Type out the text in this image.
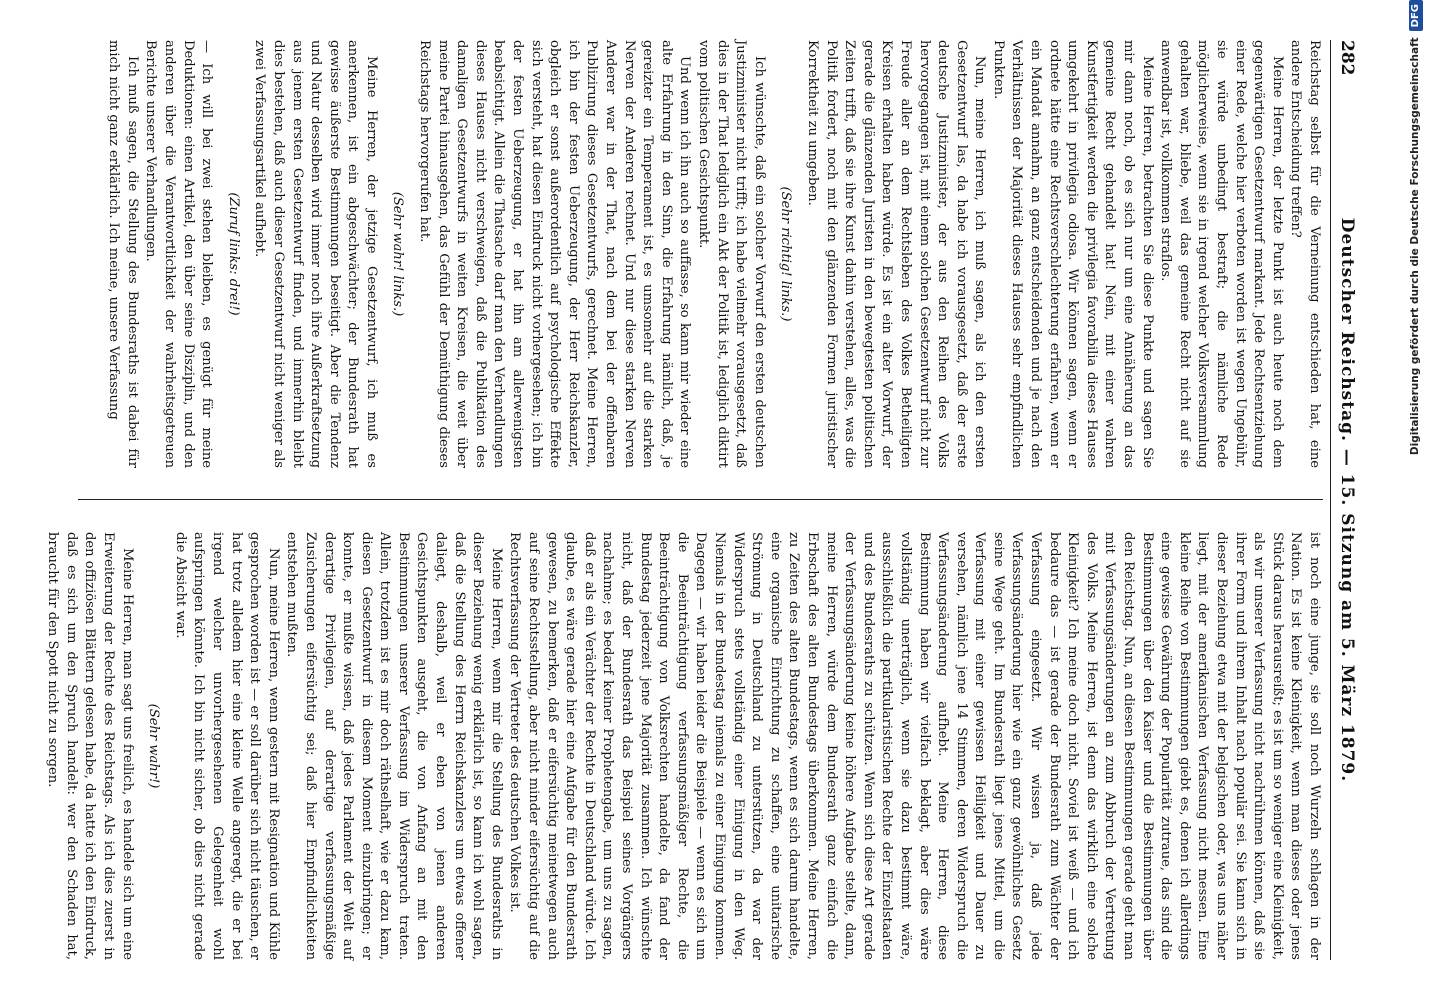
282
Deutscher Reichstag. — 15. Sitzung am 5. März 1879.

Reichstag selbst für die Verneinung entschieden hat, eine andere Entscheidung treffen?

Meine Herren, der letzte Punkt ist auch heute noch dem gegenwärtigen Gesetzentwurf markant. Jede Rechtsentziehung einer Rede, welche hier verboten worden ist wegen Ungebühr, sie würde unbedingt bestraft; die nämliche Rede möglicherweise, wenn sie in irgend welcher Volksversammlung gehalten war, bliebe, weil das gemeine Recht nicht auf sie anwendbar ist, vollkommen straflos.

Meine Herren, betrachten Sie diese Punkte und sagen Sie mir dann noch, ob es sich nur um eine Annäherung an das gemeine Recht gehandelt hat! Nein, mit einer wahren Kunstfertigkeit werden die privilegia favorabilia dieses Hauses umgekehrt in privilegia odiosa. Wir können sagen, wenn er ordnete hätte eine Rechtsverschlechterung erfahren, wenn er ein Mandat annahm, an ganz entscheidenden und je nach den Verhältnissen der Majorität dieses Hauses sehr empfindlichen Punkten.

Nun, meine Herren, ich muß sagen, als ich den ersten Gesetzentwurf las, da habe ich vorausgesetzt, daß der erste deutsche Justizminister, der aus den Reihen des Volks hervorgegangen ist, mit einem solchen Gesetzentwurf nicht zur Freude aller an dem Rechtsleben des Volkes Betheiligten Kreisen erhalten haben würde. Es ist ein alter Vorwurf, der gerade die glänzenden Juristen in den bewegtesten politischen Zeiten trifft, daß sie ihre Kunst dahin verstehen, alles, was die Politik fordert, noch mit den glänzenden Formen juristischer Korrektheit zu umgeben.

(Sehr richtig! links.)

Ich wünschte, daß ein solcher Vorwurf den ersten deutschen Justizminister nicht trifft; ich habe vielmehr vorausgesetzt, daß dies in der That lediglich ein Akt der Politik ist, lediglich diktirt vom politischen Gesichtspunkt.

Und wenn ich ihn auch so auffasse, so kann mir wieder eine alte Erfahrung in den Sinn, die Erfahrung nämlich, daß, je gereizter ein Temperament ist, es umsomehr auf die starken Nerven der Anderen rechnet. Und nur diese starken Nerven Anderer war in der That, nach dem bei der offenbaren Publizirung dieses Gesetzentwurfs, gerechnet. Meine Herren, ich bin der festen Ueberzeugung, der Herr Reichskanzler, obgleich er sonst außerordentlich auf psychologische Effekte sich versteht, hat diesen Eindruck nicht vorhergesehen; ich bin der festen Ueberzeugung, er hat ihn am allerwenigsten beabsichtigt. Allein die Thatsache darf man den Verhandlungen dieses Hauses nicht verschweigen, daß die Publikation des damaligen Gesetzentwurfs in weiten Kreisen, die weit über meine Partei hinausgehen, das Gefühl der Demüthigung dieses Reichstags hervorgerufen hat.

(Sehr wahr! links.)

Meine Herren, der jetzige Gesetzentwurf, ich muß es anerkennen, ist ein abgeschwächter; der Bundesrath hat gewisse äußerste Bestimmungen beseitigt. Aber die Tendenz und Natur desselben wird immer noch ihre Außerkraftsetzung aus jenem ersten Gesetzentwurf finden, und immerhin bleibt dies bestehen, daß auch dieser Gesetzentwurf nicht weniger als zwei Verfassungsartikel aufhebt.

(Zuruf links: drei!)

— Ich will bei zwei stehen bleiben, es genügt für meine Deduktionen: einen Artikel, den über seine Disziplin, und den anderen über die Verantwortlichkeit der wahrheitsgetreuen Berichte unserer Verhandlungen.

Ich muß sagen, die Stellung des Bundesraths ist dabei für mich nicht ganz erklärlich. Ich meine, unsere Verfassung

ist noch eine junge, sie soll noch Wurzeln schlagen in der Nation. Es ist keine Kleinigkeit, wenn man dieses oder jenes Stück daraus herausreißt; es ist um so weniger eine Kleinigkeit, als wir unserer Verfassung nicht nachrühmen können, daß sie ihrer Form und ihrem Inhalt nach populär sei. Sie kann sich in dieser Beziehung etwa mit der belgischen oder, was uns näher liegt, mit der amerikanischen Verfassung nicht messen. Eine kleine Reihe von Bestimmungen giebt es, denen ich allerdings eine gewisse Gewährung der Popularität zutraue, das sind die Bestimmungen über den Kaiser und die Bestimmungen über den Reichstag. Nun, an diesen Bestimmungen gerade geht man mit Verfassungsänderungen an zum Abbruch der Vertretung des Volks. Meine Herren, ist denn das wirklich eine solche Kleinigkeit? Ich meine doch nicht. Soviel ist weiß — und ich bedaure das — ist gerade der Bundesrath zum Wächter der Verfassung eingesetzt. Wir wissen ja, daß jede Verfassungsänderung hier wie ein ganz gewöhnliches Gesetz seine Wege geht. Im Bundesrath liegt jenes Mittel, um die Verfassung mit einer gewissen Heiligkeit und Dauer zu versehen, nämlich jene 14 Stimmen, deren Widerspruch die Verfassungsänderung aufhebt. Meine Herren, diese Bestimmung haben wir vielfach beklagt, aber dies wäre vollständig unerträglich, wenn sie dazu bestimmt wäre, ausschließlich die partikularistischen Rechte der Einzelstaaten und des Bundesraths zu schützen. Wenn sich diese Art gerade der Verfassungsänderung keine höhere Aufgabe stellte, dann, meine Herren, würde dem Bundesrath ganz einfach die Erbschaft des alten Bundestags überkommen. Meine Herren, zu Zeiten des alten Bundestags, wenn es sich darum handelte, eine organische Einrichtung zu schaffen, eine unitarische Strömung in Deutschland zu unterstützen, da war der Widerspruch stets vollständig einer Einigung in den Weg. Niemals in der Bundestag niemals zu einer Einigung kommen. Dagegen — wir haben leider die Beispiele — wenn es sich um die Beeinträchtigung verfassungsmäßiger Rechte, die Beeinträchtigung von Volksrechten handelte, da fand der Bundestag jederzeit jene Majorität zusammen. Ich wünschte nicht, daß der Bundesrath das Beispiel seines Vorgängers nachahme; es bedarf keiner Prophetengabe, um uns zu sagen, daß er als ein Verächter der Rechte in Deutschland würde. Ich glaube, es wäre gerade hier eine Aufgabe für den Bundesrath gewesen, zu bemerken, daß er eifersüchtig meinetwegen auch auf seine Rechtsstellung, aber nicht minder eifersüchtig auf die Rechtsverfassung der Vertreter des deutschen Volkes ist.

Meine Herren, wenn mir die Stellung des Bundesraths in dieser Beziehung wenig erklärlich ist, so kann ich wohl sagen, daß die Stellung des Herrn Reichskanzlers um etwas offener daliegt, deshalb, weil er eben von jenen anderen Gesichtspunkten ausgeht, die von Anfang an mit den Bestimmungen unserer Verfassung im Widerspruch traten. Allein, trotzdem ist es mir doch räthselhaft, wie er dazu kam, diesen Gesetzentwurf in diesem Moment einzubringen; er konnte, er mußte wissen, daß jedes Parlament der Welt auf derartige Privilegien, auf derartige verfassungsmäßige Zusicherungen eifersüchtig sei; daß hier Empfindlichkeiten entstehen mußten.

Nun, meine Herren, wenn gestern mit Resignation und Kühle gesprochen worden ist — er soll darüber sich nicht täuschen, er hat trotz alledem hier eine kleine Welle angeregt, die er bei irgend welcher unvorhergesehenen Gelegenheit wohl aufspringen könnte. Ich bin nicht sicher, ob dies nicht gerade die Absicht war.

(Sehr wahr!)

Meine Herren, man sagt uns freilich, es handele sich um eine Erweiterung der Rechte des Reichstags. Als ich dies zuerst in den offiziösen Blättern gelesen habe, da hatte ich den Eindruck, daß es sich um den Spruch handelt: wer den Schaden hat, braucht für den Spott nicht zu sorgen.

Digitalisierung gefördert durch die Deutsche ForschungsgemeinschaftDFG
